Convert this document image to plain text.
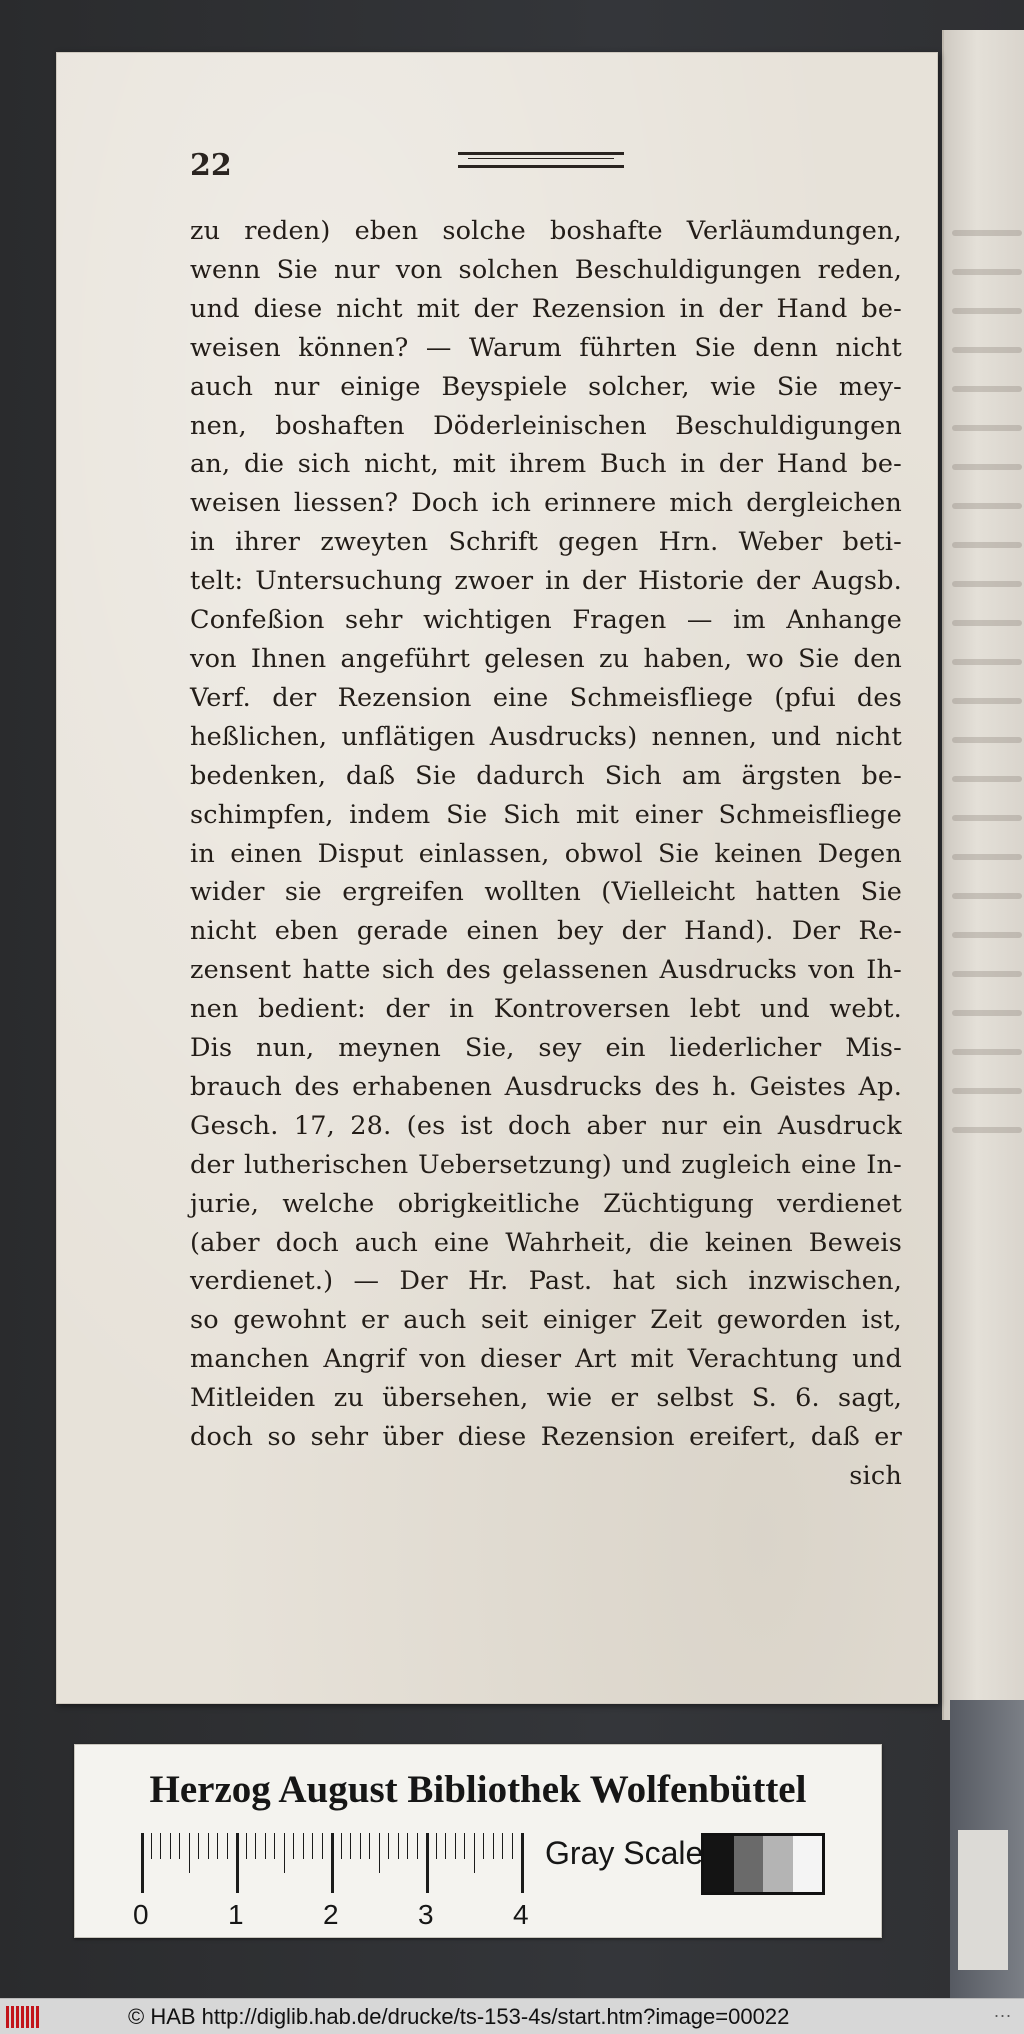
22
zu reden) eben solche boshafte Verläumdungen,
wenn Sie nur von solchen Beschuldigungen reden,
und diese nicht mit der Rezension in der Hand be-
weisen können? — Warum führten Sie denn nicht
auch nur einige Beyspiele solcher, wie Sie mey-
nen, boshaften Döderleinischen Beschuldigungen
an, die sich nicht, mit ihrem Buch in der Hand be-
weisen liessen? Doch ich erinnere mich dergleichen
in ihrer zweyten Schrift gegen Hrn. Weber beti-
telt: Untersuchung zwoer in der Historie der Augsb.
Confeßion sehr wichtigen Fragen — im Anhange
von Ihnen angeführt gelesen zu haben, wo Sie den
Verf. der Rezension eine Schmeisfliege (pfui des
heßlichen, unflätigen Ausdrucks) nennen, und nicht
bedenken, daß Sie dadurch Sich am ärgsten be-
schimpfen, indem Sie Sich mit einer Schmeisfliege
in einen Disput einlassen, obwol Sie keinen Degen
wider sie ergreifen wollten (Vielleicht hatten Sie
nicht eben gerade einen bey der Hand). Der Re-
zensent hatte sich des gelassenen Ausdrucks von Ih-
nen bedient: der in Kontroversen lebt und webt.
Dis nun, meynen Sie, sey ein liederlicher Mis-
brauch des erhabenen Ausdrucks des h. Geistes Ap.
Gesch. 17, 28. (es ist doch aber nur ein Ausdruck
der lutherischen Uebersetzung) und zugleich eine In-
jurie, welche obrigkeitliche Züchtigung verdienet
(aber doch auch eine Wahrheit, die keinen Beweis
verdienet.) — Der Hr. Past. hat sich inzwischen,
so gewohnt er auch seit einiger Zeit geworden ist,
manchen Angrif von dieser Art mit Verachtung und
Mitleiden zu übersehen, wie er selbst S. 6. sagt,
doch so sehr über diese Rezension ereifert, daß er
sich
Herzog August Bibliothek Wolfenbüttel
0	1	2	3	4
Gray Scale
© HAB http://diglib.hab.de/drucke/ts-153-4s/start.htm?image=00022	...
